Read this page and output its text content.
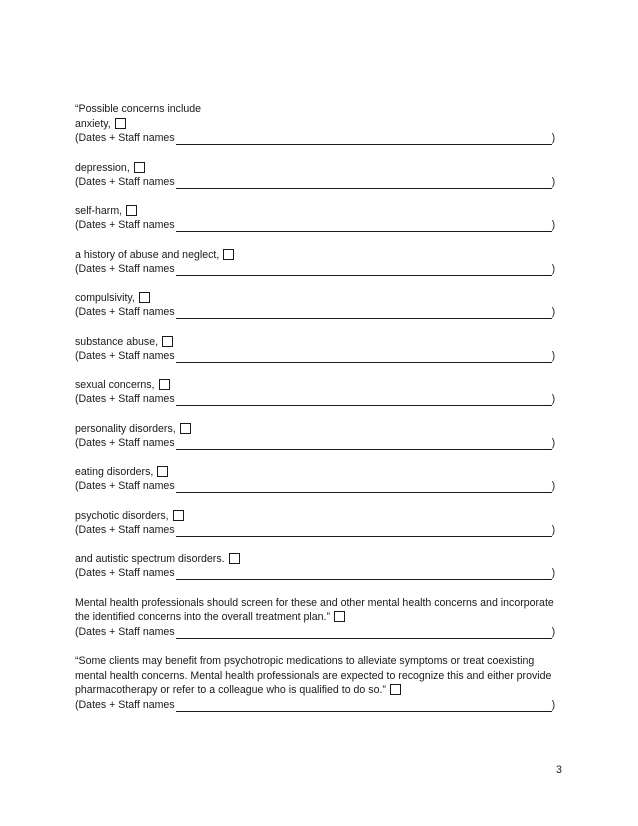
“Possible concerns include
anxiety,
(Dates + Staff names	)
depression,
(Dates + Staff names	)
self-harm,
(Dates + Staff names	)
a history of abuse and neglect,
(Dates + Staff names	)
compulsivity,
(Dates + Staff names	)
substance abuse,
(Dates + Staff names	)
sexual concerns,
(Dates + Staff names	)
personality disorders,
(Dates + Staff names	)
eating disorders,
(Dates + Staff names	)
psychotic disorders,
(Dates + Staff names	)
and autistic spectrum disorders.
(Dates + Staff names	)
Mental health professionals should screen for these and other mental health concerns and incorporate
the identified concerns into the overall treatment plan.”
(Dates + Staff names	)
“Some clients may benefit from psychotropic medications to alleviate symptoms or treat coexisting
mental health concerns. Mental health professionals are expected to recognize this and either provide
pharmacotherapy or refer to a colleague who is qualified to do so.”
(Dates + Staff names	)
3
